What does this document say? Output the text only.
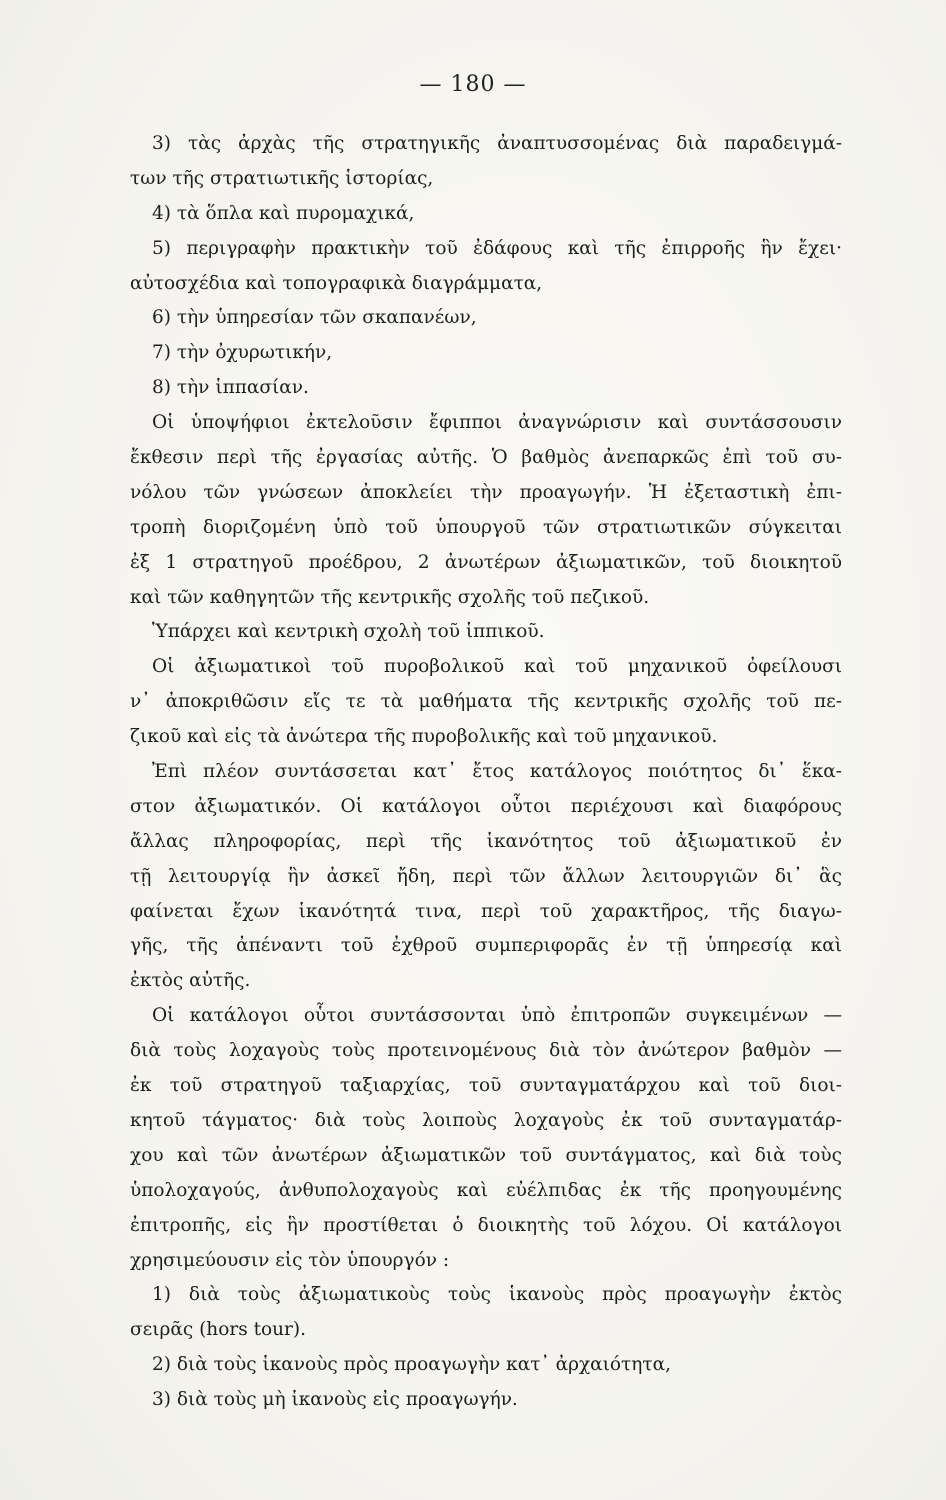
— 180 —
3) τὰς ἀρχὰς τῆς στρατηγικῆς ἀναπτυσσομένας διὰ παραδειγμά-
των τῆς στρατιωτικῆς ἱστορίας,
4) τὰ ὅπλα καὶ πυρομαχικά,
5) περιγραφὴν πρακτικὴν τοῦ ἐδάφους καὶ τῆς ἐπιρροῆς ἣν ἔχει·
αὐτοσχέδια καὶ τοπογραφικὰ διαγράμματα,
6) τὴν ὑπηρεσίαν τῶν σκαπανέων,
7) τὴν ὀχυρωτικήν,
8) τὴν ἱππασίαν.
Οἱ ὑποψήφιοι ἐκτελοῦσιν ἔφιπποι ἀναγνώρισιν καὶ συντάσσουσιν
ἔκθεσιν περὶ τῆς ἐργασίας αὐτῆς. Ὁ βαθμὸς ἀνεπαρκῶς ἐπὶ τοῦ συ-
νόλου τῶν γνώσεων ἀποκλείει τὴν προαγωγήν. Ἡ ἐξεταστικὴ ἐπι-
τροπὴ διοριζομένη ὑπὸ τοῦ ὑπουργοῦ τῶν στρατιωτικῶν σύγκειται
ἐξ 1 στρατηγοῦ προέδρου, 2 ἀνωτέρων ἀξιωματικῶν, τοῦ διοικητοῦ
καὶ τῶν καθηγητῶν τῆς κεντρικῆς σχολῆς τοῦ πεζικοῦ.
Ὑπάρχει καὶ κεντρικὴ σχολὴ τοῦ ἱππικοῦ.
Οἱ ἀξιωματικοὶ τοῦ πυροβολικοῦ καὶ τοῦ μηχανικοῦ ὀφείλουσι
ν᾽ ἀποκριθῶσιν εἴς τε τὰ μαθήματα τῆς κεντρικῆς σχολῆς τοῦ πε-
ζικοῦ καὶ εἰς τὰ ἀνώτερα τῆς πυροβολικῆς καὶ τοῦ μηχανικοῦ.
Ἐπὶ πλέον συντάσσεται κατ᾽ ἔτος κατάλογος ποιότητος δι᾽ ἕκα-
στον ἀξιωματικόν. Οἱ κατάλογοι οὗτοι περιέχουσι καὶ διαφόρους
ἄλλας πληροφορίας, περὶ τῆς ἱκανότητος τοῦ ἀξιωματικοῦ ἐν
τῇ λειτουργίᾳ ἣν ἀσκεῖ ἤδη, περὶ τῶν ἄλλων λειτουργιῶν δι᾽ ἃς
φαίνεται ἔχων ἱκανότητά τινα, περὶ τοῦ χαρακτῆρος, τῆς διαγω-
γῆς, τῆς ἀπέναντι τοῦ ἐχθροῦ συμπεριφορᾶς ἐν τῇ ὑπηρεσίᾳ καὶ
ἐκτὸς αὐτῆς.
Οἱ κατάλογοι οὗτοι συντάσσονται ὑπὸ ἐπιτροπῶν συγκειμένων —
διὰ τοὺς λοχαγοὺς τοὺς προτεινομένους διὰ τὸν ἀνώτερον βαθμὸν —
ἐκ τοῦ στρατηγοῦ ταξιαρχίας, τοῦ συνταγματάρχου καὶ τοῦ διοι-
κητοῦ τάγματος· διὰ τοὺς λοιποὺς λοχαγοὺς ἐκ τοῦ συνταγματάρ-
χου καὶ τῶν ἀνωτέρων ἀξιωματικῶν τοῦ συντάγματος, καὶ διὰ τοὺς
ὑπολοχαγούς, ἀνθυπολοχαγοὺς καὶ εὐέλπιδας ἐκ τῆς προηγουμένης
ἐπιτροπῆς, εἰς ἣν προστίθεται ὁ διοικητὴς τοῦ λόχου. Οἱ κατάλογοι
χρησιμεύουσιν εἰς τὸν ὑπουργόν :
1) διὰ τοὺς ἀξιωματικοὺς τοὺς ἱκανοὺς πρὸς προαγωγὴν ἐκτὸς
σειρᾶς (hors tour).
2) διὰ τοὺς ἱκανοὺς πρὸς προαγωγὴν κατ᾽ ἀρχαιότητα,
3) διὰ τοὺς μὴ ἱκανοὺς εἰς προαγωγήν.
